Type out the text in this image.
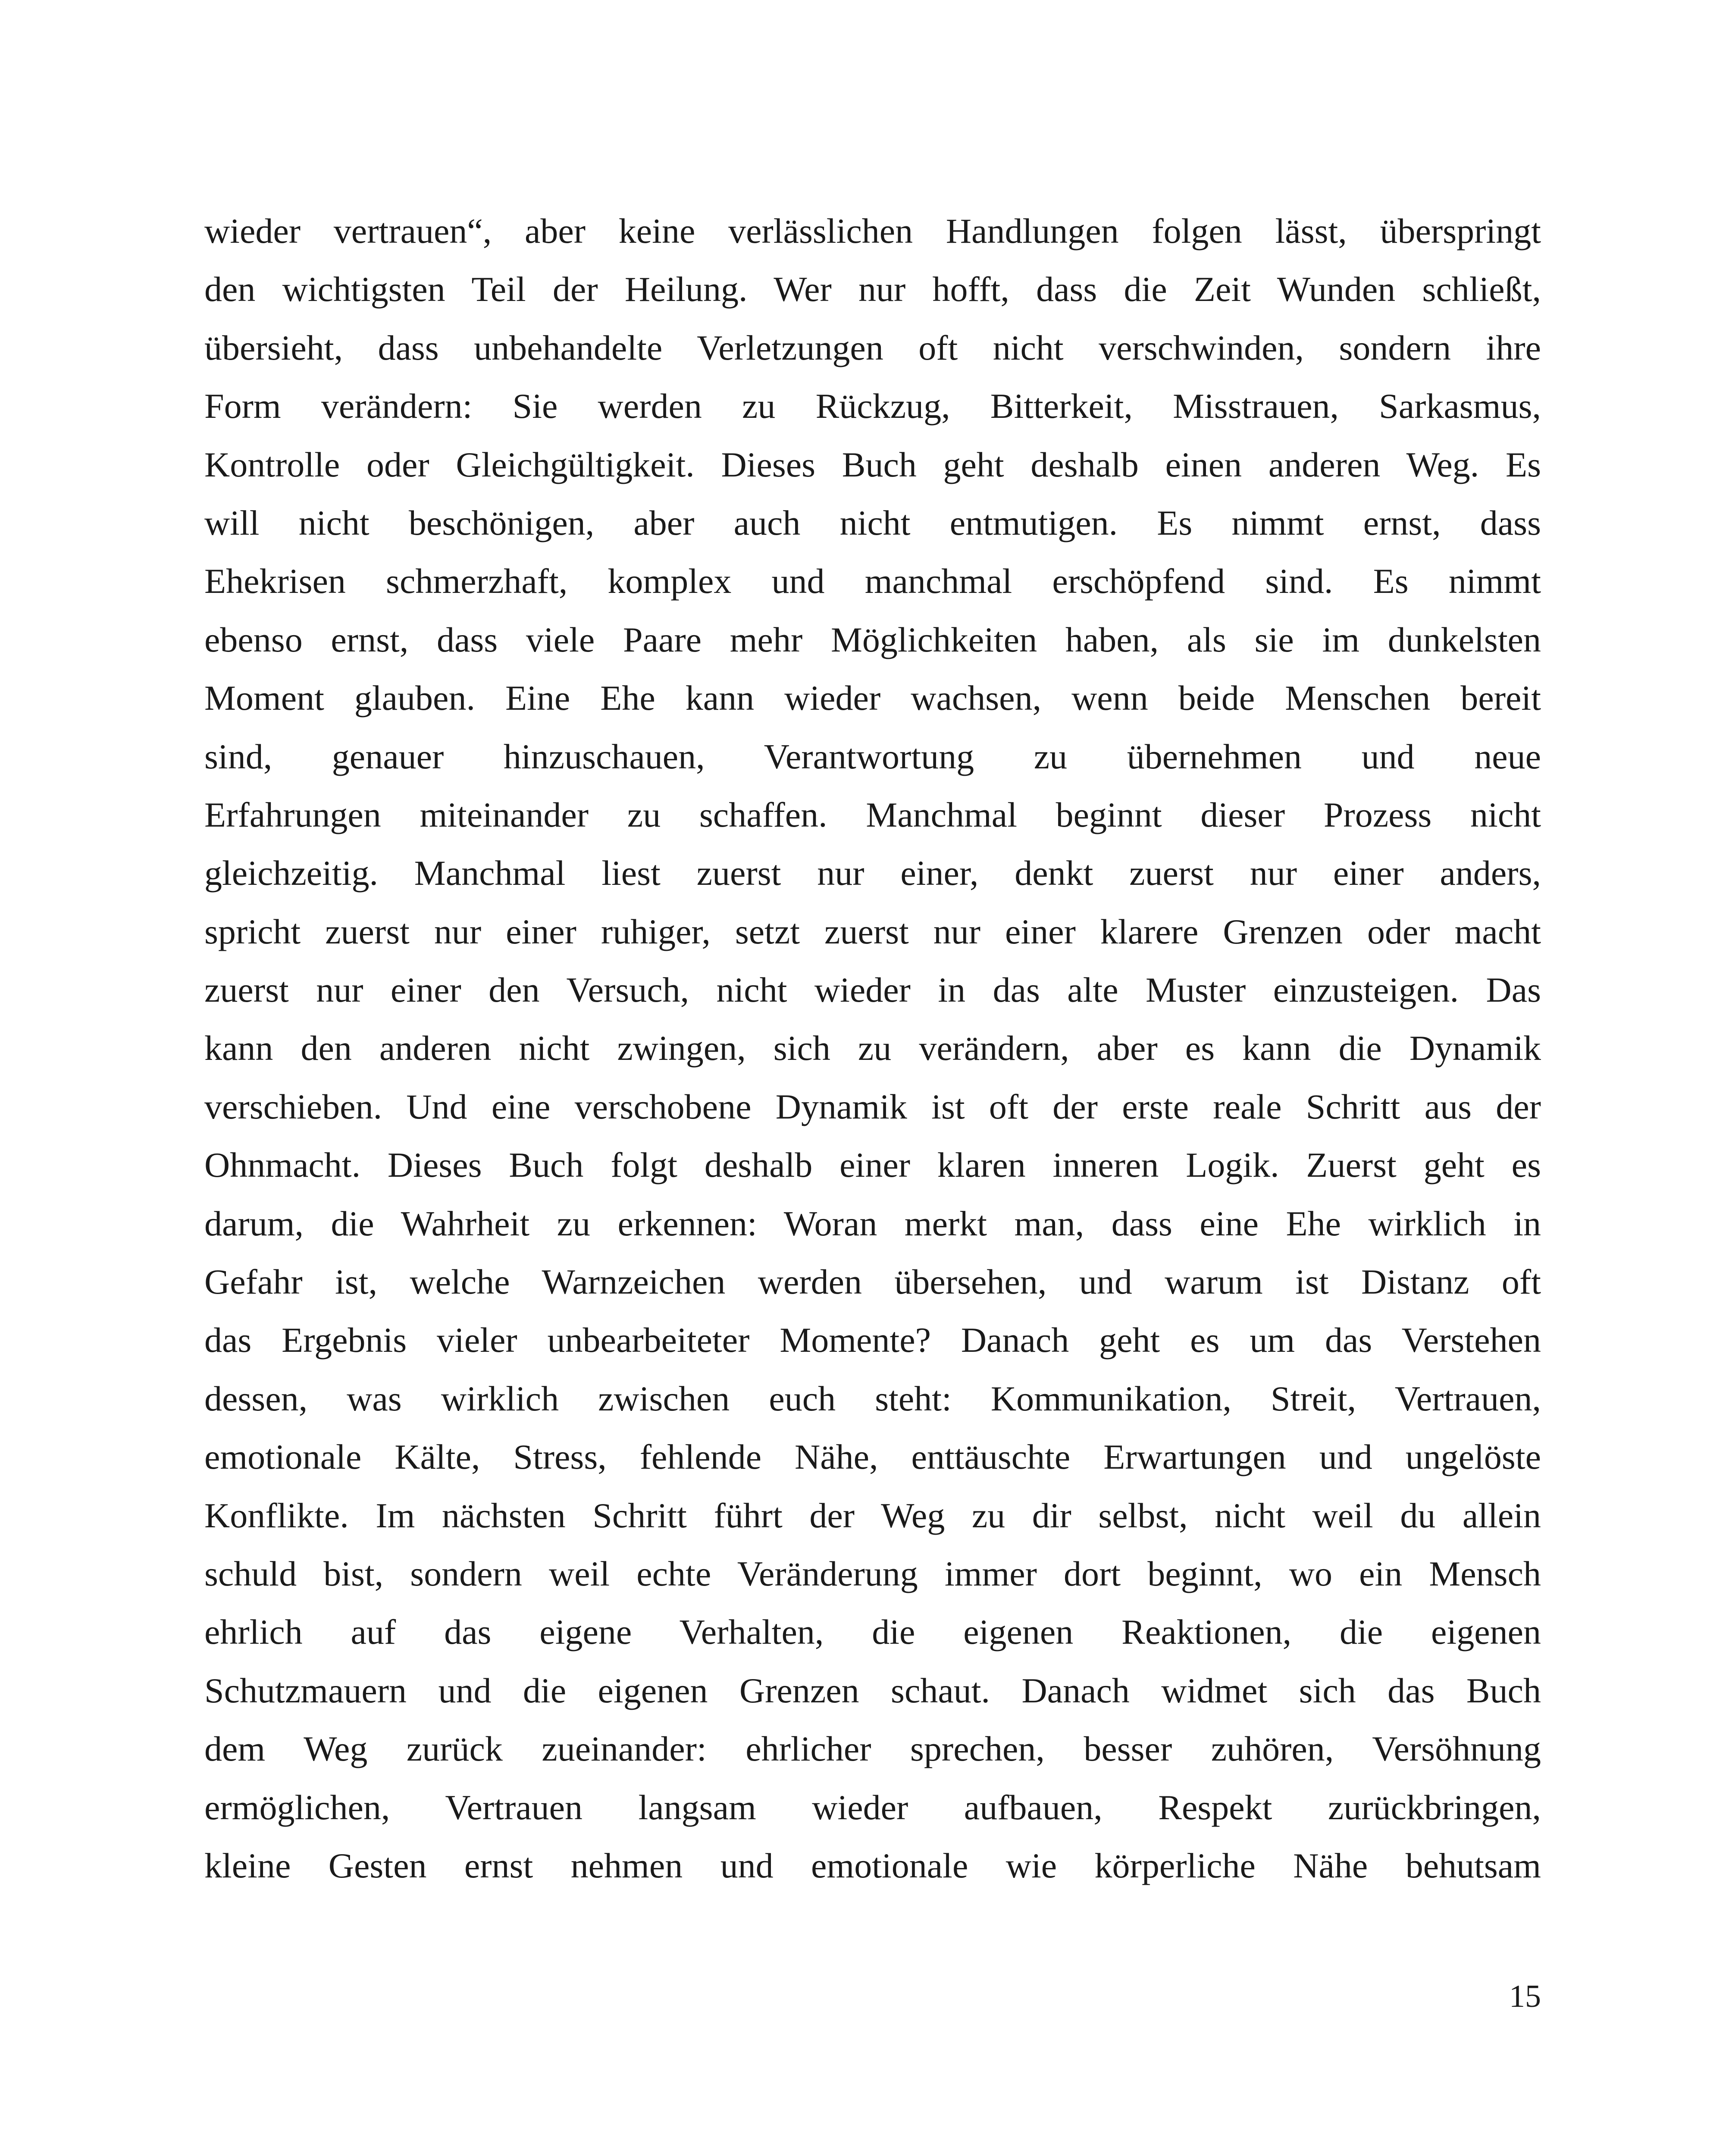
wieder vertrauen“, aber keine verlässlichen Handlungen folgen lässt, überspringt
den wichtigsten Teil der Heilung. Wer nur hofft, dass die Zeit Wunden schließt,
übersieht, dass unbehandelte Verletzungen oft nicht verschwinden, sondern ihre
Form verändern: Sie werden zu Rückzug, Bitterkeit, Misstrauen, Sarkasmus,
Kontrolle oder Gleichgültigkeit. Dieses Buch geht deshalb einen anderen Weg. Es
will nicht beschönigen, aber auch nicht entmutigen. Es nimmt ernst, dass
Ehekrisen schmerzhaft, komplex und manchmal erschöpfend sind. Es nimmt
ebenso ernst, dass viele Paare mehr Möglichkeiten haben, als sie im dunkelsten
Moment glauben. Eine Ehe kann wieder wachsen, wenn beide Menschen bereit
sind, genauer hinzuschauen, Verantwortung zu übernehmen und neue
Erfahrungen miteinander zu schaffen. Manchmal beginnt dieser Prozess nicht
gleichzeitig. Manchmal liest zuerst nur einer, denkt zuerst nur einer anders,
spricht zuerst nur einer ruhiger, setzt zuerst nur einer klarere Grenzen oder macht
zuerst nur einer den Versuch, nicht wieder in das alte Muster einzusteigen. Das
kann den anderen nicht zwingen, sich zu verändern, aber es kann die Dynamik
verschieben. Und eine verschobene Dynamik ist oft der erste reale Schritt aus der
Ohnmacht. Dieses Buch folgt deshalb einer klaren inneren Logik. Zuerst geht es
darum, die Wahrheit zu erkennen: Woran merkt man, dass eine Ehe wirklich in
Gefahr ist, welche Warnzeichen werden übersehen, und warum ist Distanz oft
das Ergebnis vieler unbearbeiteter Momente? Danach geht es um das Verstehen
dessen, was wirklich zwischen euch steht: Kommunikation, Streit, Vertrauen,
emotionale Kälte, Stress, fehlende Nähe, enttäuschte Erwartungen und ungelöste
Konflikte. Im nächsten Schritt führt der Weg zu dir selbst, nicht weil du allein
schuld bist, sondern weil echte Veränderung immer dort beginnt, wo ein Mensch
ehrlich auf das eigene Verhalten, die eigenen Reaktionen, die eigenen
Schutzmauern und die eigenen Grenzen schaut. Danach widmet sich das Buch
dem Weg zurück zueinander: ehrlicher sprechen, besser zuhören, Versöhnung
ermöglichen, Vertrauen langsam wieder aufbauen, Respekt zurückbringen,
kleine Gesten ernst nehmen und emotionale wie körperliche Nähe behutsam
15
